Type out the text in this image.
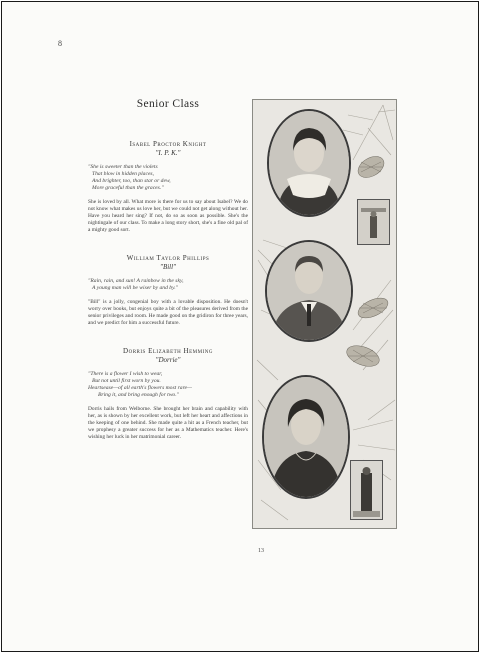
8
Senior Class

Isabel Proctor Knight

"I. P. K."

"She is sweeter than the violets
That blow in hidden places,
And brighter, too, than star or dew,
More graceful than the graces."

She is loved by all. What more is there for us to say about Isabel? We do not know what makes us love her, but we could not get along without her. Have you heard her sing? If not, do so as soon as possible. She's the nightingale of our class. To make a long story short, she's a fine old pal of a mighty good sort.

William Taylor Phillips

"Bill"

"Rain, rain, and sun! A rainbow in the sky,
A young man will be wiser by and by."

"Bill" is a jolly, congenial boy with a lovable disposition. He doesn't worry over books, but enjoys quite a bit of the pleasures derived from the senior privileges and room. He made good on the gridiron for three years, and we predict for him a successful future.

Dorris Elizabeth Hemming

"Dorrie"

"There is a flower I wish to wear,
But not until first worn by you.
Heartsease—of all earth's flowers most rare—
Bring it, and bring enough for two."

Dorris hails from Welborne. She brought her brain and capability with her, as is shown by her excellent work, but left her heart and affections in the keeping of one behind. She made quite a hit as a French teacher, but we prophesy a greater success for her as a Mathematics teacher. Here's wishing her luck in her matrimonial career.

13
